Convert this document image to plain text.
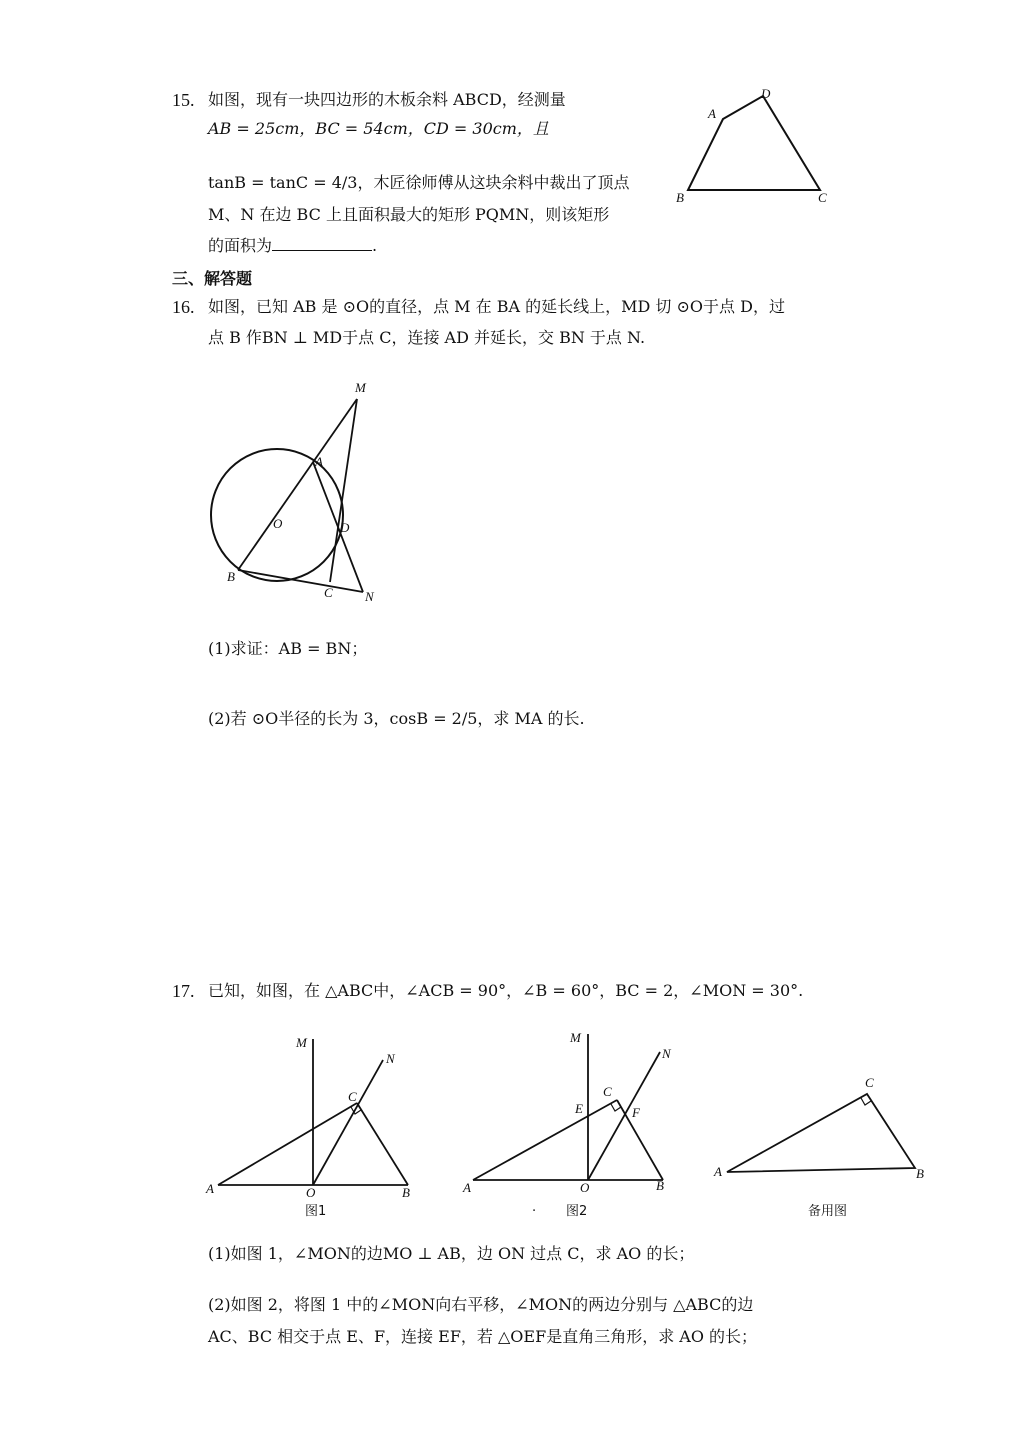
15. 如图，现有一块四边形的木板余料 ABCD，经测量
AB = 25cm，BC = 54cm，CD = 30cm，且
tanB = tanC = 4/3，木匠徐师傅从这块余料中裁出了顶点
M、N 在边 BC 上且面积最大的矩形 PQMN，则该矩形
的面积为	.
A
D
B	C
三、解答题
16. 如图，已知 AB 是 ⊙O的直径，点 M 在 BA 的延长线上，MD 切 ⊙O于点 D，过
点 B 作BN ⊥ MD于点 C，连接 AD 并延长，交 BN 于点 N.
M
A
O	D
B
C N
(1)求证：AB = BN；
(2)若 ⊙O半径的长为 3，cosB = 2/5，求 MA 的长.
17. 已知，如图，在 △ABC中，∠ACB = 90°，∠B = 60°，BC = 2，∠MON = 30°.
M
N
C
A	O	B
图1
M
N
C
E	F
A	O	B
. 图2
C
A	B
备用图
(1)如图 1，∠MON的边MO ⊥ AB，边 ON 过点 C，求 AO 的长；
(2)如图 2，将图 1 中的∠MON向右平移，∠MON的两边分别与 △ABC的边
AC、BC 相交于点 E、F，连接 EF，若 △OEF是直角三角形，求 AO 的长；
